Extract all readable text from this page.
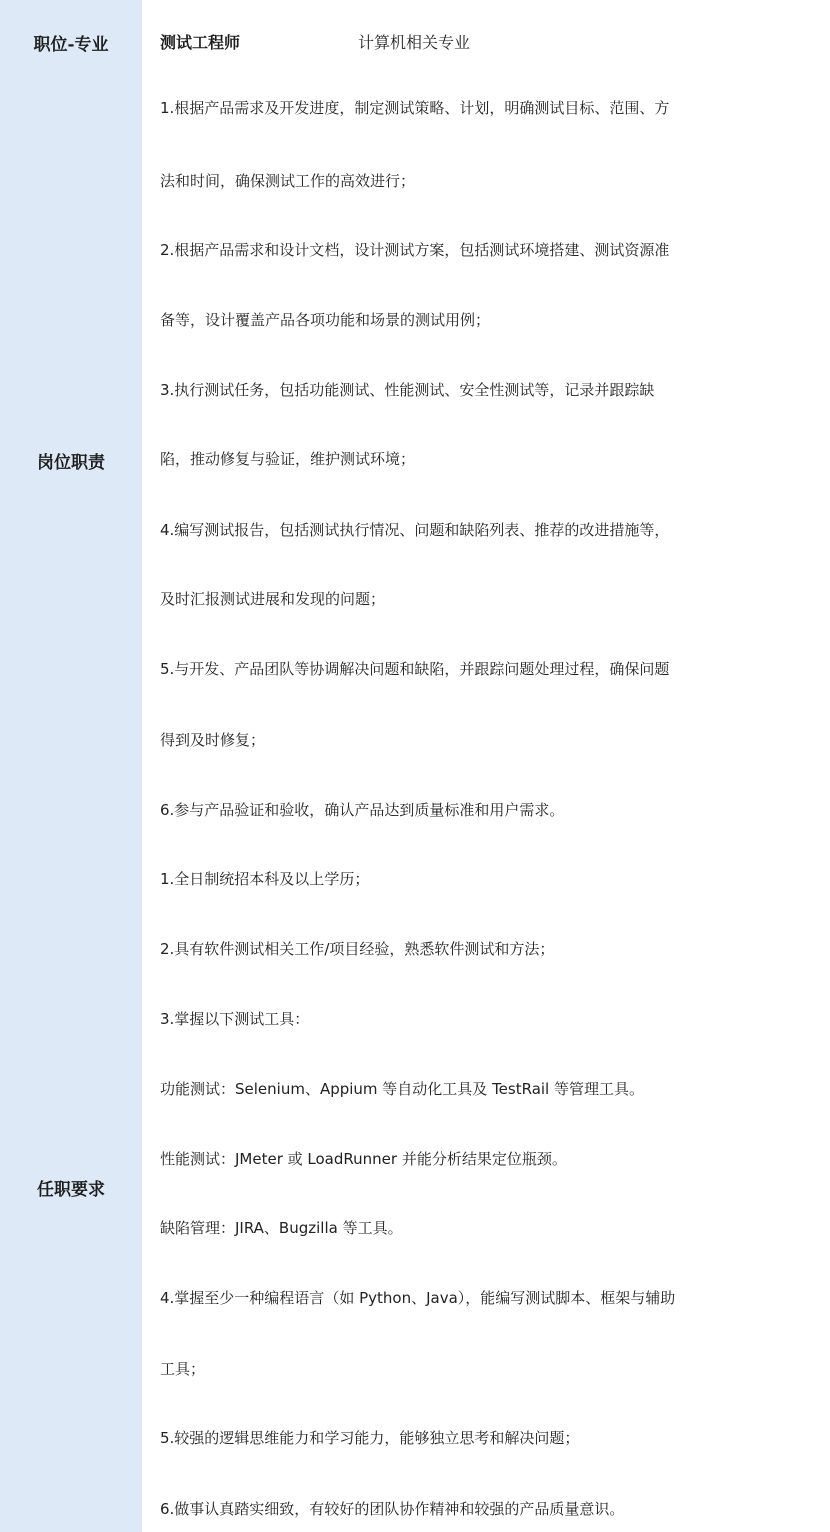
职位-专业	测试工程师	计算机相关专业
岗位职责
1.根据产品需求及开发进度，制定测试策略、计划，明确测试目标、范围、方
法和时间，确保测试工作的高效进行；
2.根据产品需求和设计文档，设计测试方案，包括测试环境搭建、测试资源准
备等，设计覆盖产品各项功能和场景的测试用例；
3.执行测试任务，包括功能测试、性能测试、安全性测试等，记录并跟踪缺
陷，推动修复与验证，维护测试环境；
4.编写测试报告，包括测试执行情况、问题和缺陷列表、推荐的改进措施等，
及时汇报测试进展和发现的问题；
5.与开发、产品团队等协调解决问题和缺陷，并跟踪问题处理过程，确保问题
得到及时修复；
6.参与产品验证和验收，确认产品达到质量标准和用户需求。
任职要求
1.全日制统招本科及以上学历；
2.具有软件测试相关工作/项目经验，熟悉软件测试和方法；
3.掌握以下测试工具：
功能测试：Selenium、Appium 等自动化工具及 TestRail 等管理工具。
性能测试：JMeter 或 LoadRunner 并能分析结果定位瓶颈。
缺陷管理：JIRA、Bugzilla 等工具。
4.掌握至少一种编程语言（如 Python、Java），能编写测试脚本、框架与辅助
工具；
5.较强的逻辑思维能力和学习能力，能够独立思考和解决问题；
6.做事认真踏实细致，有较好的团队协作精神和较强的产品质量意识。
